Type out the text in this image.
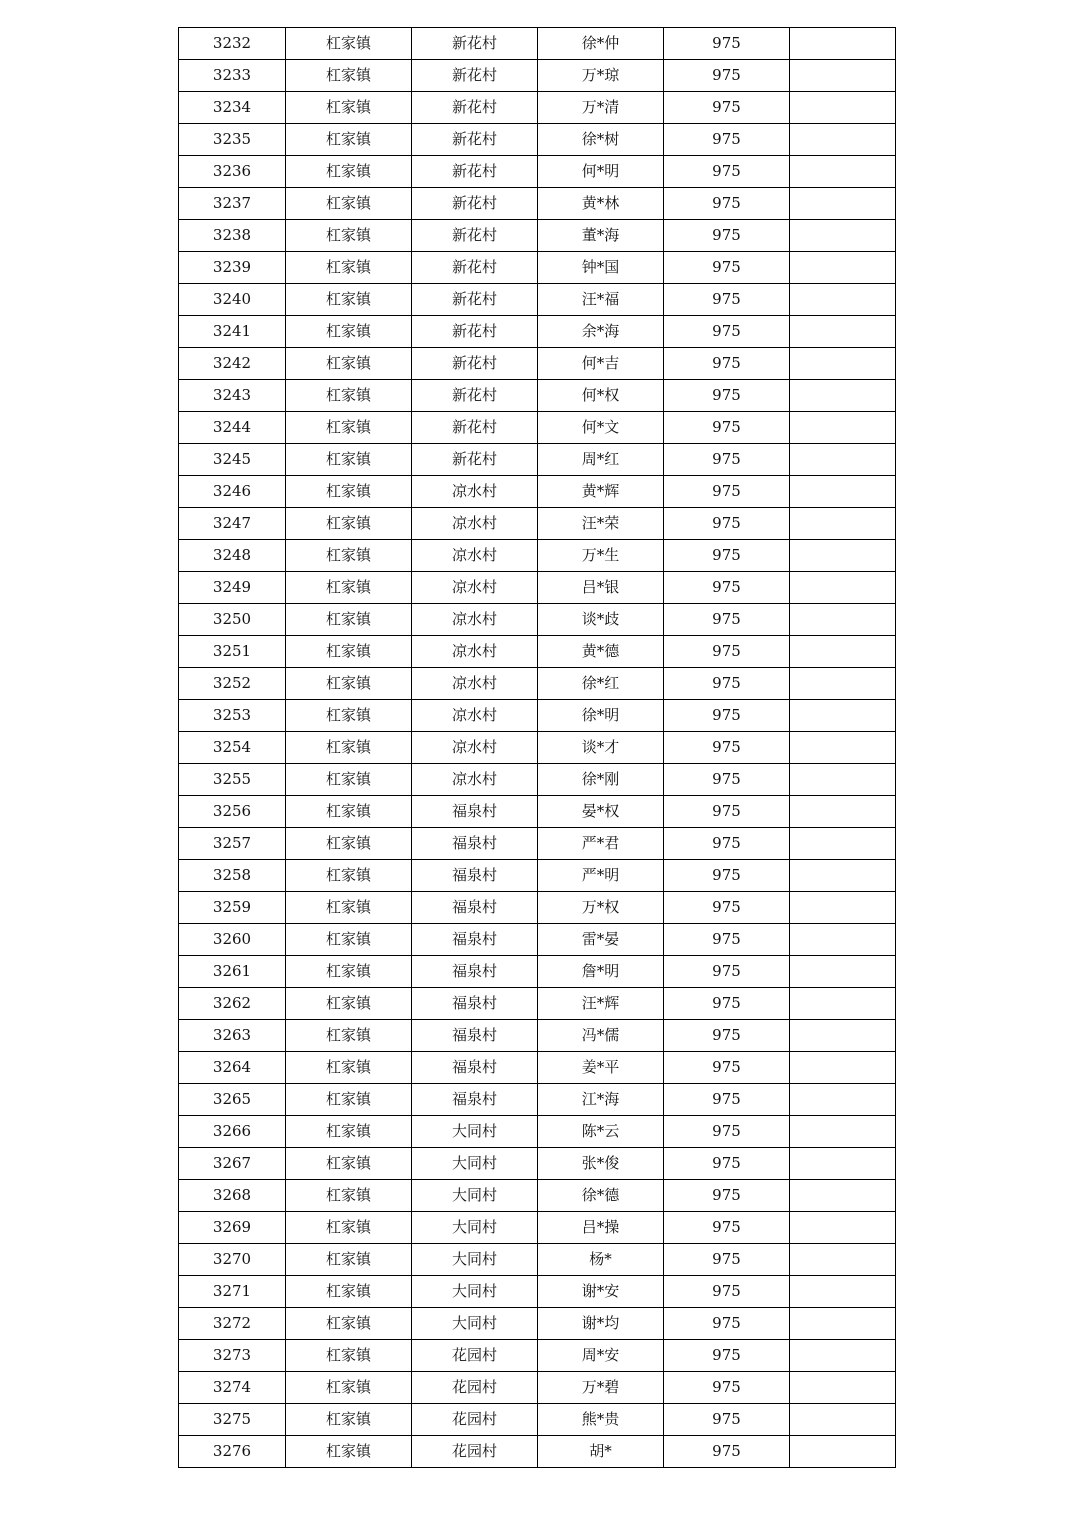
3232	杠家镇	新花村	徐*仲	975	
3233	杠家镇	新花村	万*琼	975	
3234	杠家镇	新花村	万*清	975	
3235	杠家镇	新花村	徐*树	975	
3236	杠家镇	新花村	何*明	975	
3237	杠家镇	新花村	黄*林	975	
3238	杠家镇	新花村	董*海	975	
3239	杠家镇	新花村	钟*国	975	
3240	杠家镇	新花村	汪*福	975	
3241	杠家镇	新花村	余*海	975	
3242	杠家镇	新花村	何*吉	975	
3243	杠家镇	新花村	何*权	975	
3244	杠家镇	新花村	何*文	975	
3245	杠家镇	新花村	周*红	975	
3246	杠家镇	凉水村	黄*辉	975	
3247	杠家镇	凉水村	汪*荣	975	
3248	杠家镇	凉水村	万*生	975	
3249	杠家镇	凉水村	吕*银	975	
3250	杠家镇	凉水村	谈*歧	975	
3251	杠家镇	凉水村	黄*德	975	
3252	杠家镇	凉水村	徐*红	975	
3253	杠家镇	凉水村	徐*明	975	
3254	杠家镇	凉水村	谈*才	975	
3255	杠家镇	凉水村	徐*刚	975	
3256	杠家镇	福泉村	晏*权	975	
3257	杠家镇	福泉村	严*君	975	
3258	杠家镇	福泉村	严*明	975	
3259	杠家镇	福泉村	万*权	975	
3260	杠家镇	福泉村	雷*晏	975	
3261	杠家镇	福泉村	詹*明	975	
3262	杠家镇	福泉村	汪*辉	975	
3263	杠家镇	福泉村	冯*儒	975	
3264	杠家镇	福泉村	姜*平	975	
3265	杠家镇	福泉村	江*海	975	
3266	杠家镇	大同村	陈*云	975	
3267	杠家镇	大同村	张*俊	975	
3268	杠家镇	大同村	徐*德	975	
3269	杠家镇	大同村	吕*操	975	
3270	杠家镇	大同村	杨*	975	
3271	杠家镇	大同村	谢*安	975	
3272	杠家镇	大同村	谢*均	975	
3273	杠家镇	花园村	周*安	975	
3274	杠家镇	花园村	万*碧	975	
3275	杠家镇	花园村	熊*贵	975	
3276	杠家镇	花园村	胡*	975	
